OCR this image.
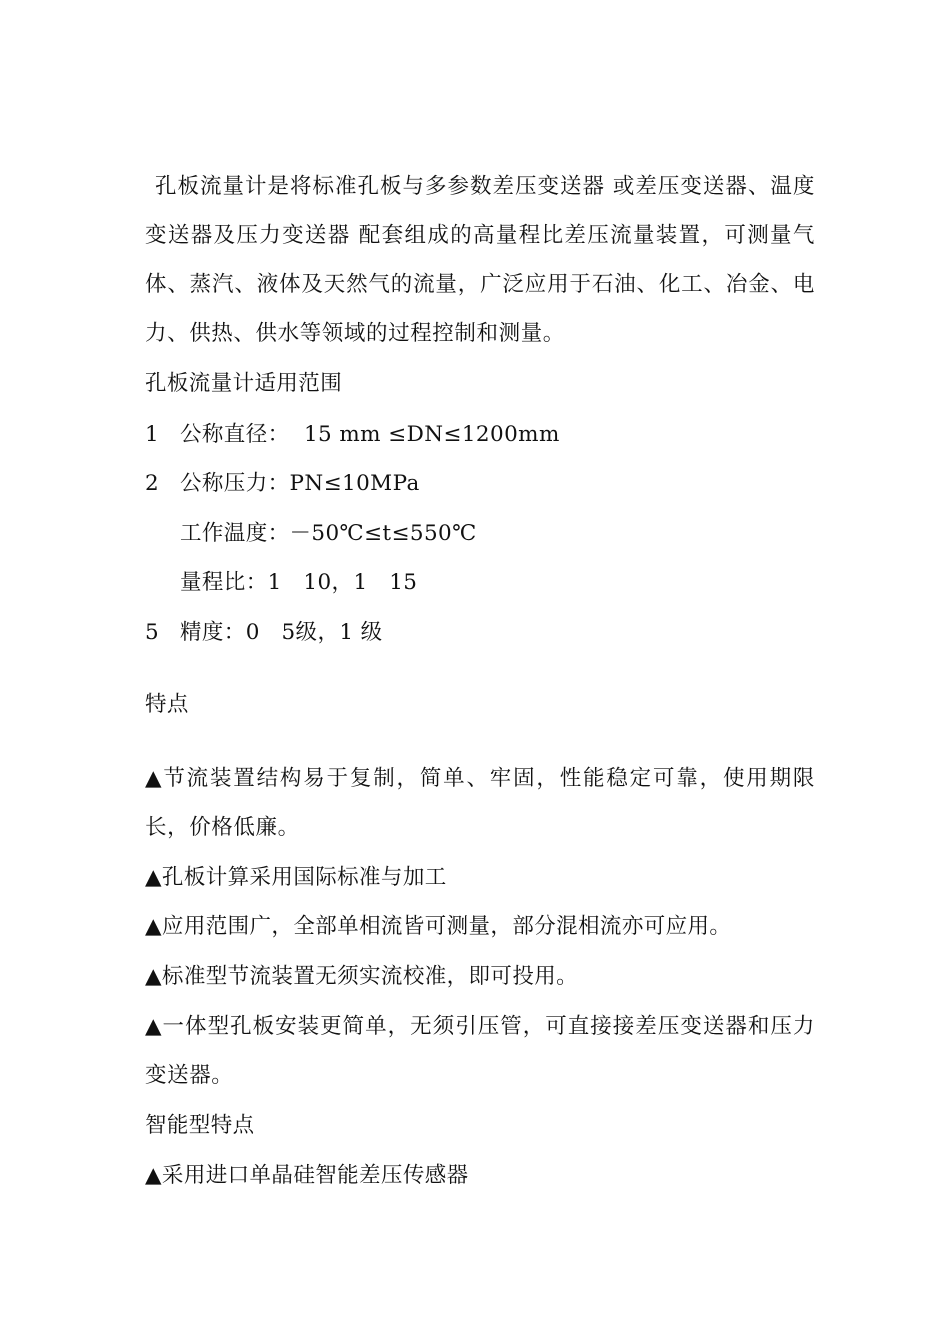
孔板流量计是将标准孔板与多参数差压变送器 或差压变送器、温度变送器及压力变送器 配套组成的高量程比差压流量装置，可测量气体、蒸汽、液体及天然气的流量，广泛应用于石油、化工、冶金、电力、供热、供水等领域的过程控制和测量。

孔板流量计适用范围
1 公称直径：  15 mm ≤DN≤1200mm
2 公称压力：PN≤10MPa
工作温度：－50℃≤t≤550℃
量程比：1   10，1   15
5 精度：0   5级，1 级
特点

▲节流装置结构易于复制，简单、牢固，性能稳定可靠，使用期限长，价格低廉。

▲孔板计算采用国际标准与加工
▲应用范围广，全部单相流皆可测量，部分混相流亦可应用。
▲标准型节流装置无须实流校准，即可投用。

▲一体型孔板安装更简单，无须引压管，可直接接差压变送器和压力变送器。

智能型特点
▲采用进口单晶硅智能差压传感器
